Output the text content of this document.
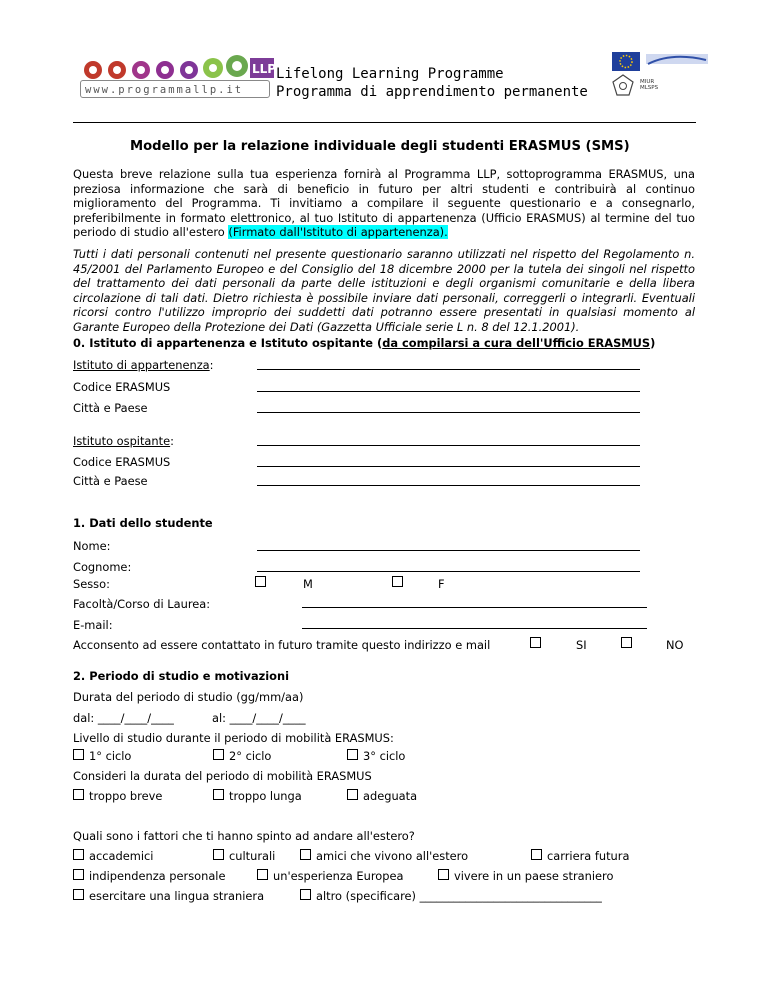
LLP
www.programmallp.it
Lifelong Learning Programme
Programma di apprendimento permanente
MIUR
MLSPS
Modello per la relazione individuale degli studenti ERASMUS (SMS)
Questa breve relazione sulla tua esperienza fornirà al Programma LLP, sottoprogramma ERASMUS, una preziosa informazione che sarà di beneficio in futuro per altri studenti e contribuirà al continuo miglioramento del Programma. Ti invitiamo a compilare il seguente questionario e a consegnarlo, preferibilmente in formato elettronico, al tuo Istituto di appartenenza (Ufficio ERASMUS) al termine del tuo periodo di studio all'estero (Firmato dall'Istituto di appartenenza).
Tutti i dati personali contenuti nel presente questionario saranno utilizzati nel rispetto del Regolamento n. 45/2001 del Parlamento Europeo e del Consiglio del 18 dicembre 2000 per la tutela dei singoli nel rispetto del trattamento dei dati personali da parte delle istituzioni e degli organismi comunitarie e della libera circolazione di tali dati. Dietro richiesta è possibile inviare dati personali, correggerli o integrarli. Eventuali ricorsi contro l'utilizzo improprio dei suddetti dati potranno essere presentati in qualsiasi momento al Garante Europeo della Protezione dei Dati (Gazzetta Ufficiale serie L n. 8 del 12.1.2001).
0. Istituto di appartenenza e Istituto ospitante (da compilarsi a cura dell'Ufficio ERASMUS)
Istituto di appartenenza:
Codice ERASMUS
Città e Paese
Istituto ospitante:
Codice ERASMUS
Città e Paese
1. Dati dello studente
Nome:
Cognome:
Sesso:	M	F
Facoltà/Corso di Laurea:
E-mail:
Acconsento ad essere contattato in futuro tramite questo indirizzo e mail	SI	NO
2. Periodo di studio e motivazioni
Durata del periodo di studio (gg/mm/aa)
dal: ____/____/____	al: ____/____/____
Livello di studio durante il periodo di mobilità ERASMUS:
1° ciclo	2° ciclo	3° ciclo
Consideri la durata del periodo di mobilità ERASMUS
troppo breve	troppo lunga	adeguata
Quali sono i fattori che ti hanno spinto ad andare all'estero?
accademici	culturali	amici che vivono all'estero	carriera futura
indipendenza personale	un'esperienza Europea	vivere in un paese straniero
esercitare una lingua straniera	altro (specificare) ________________________________
